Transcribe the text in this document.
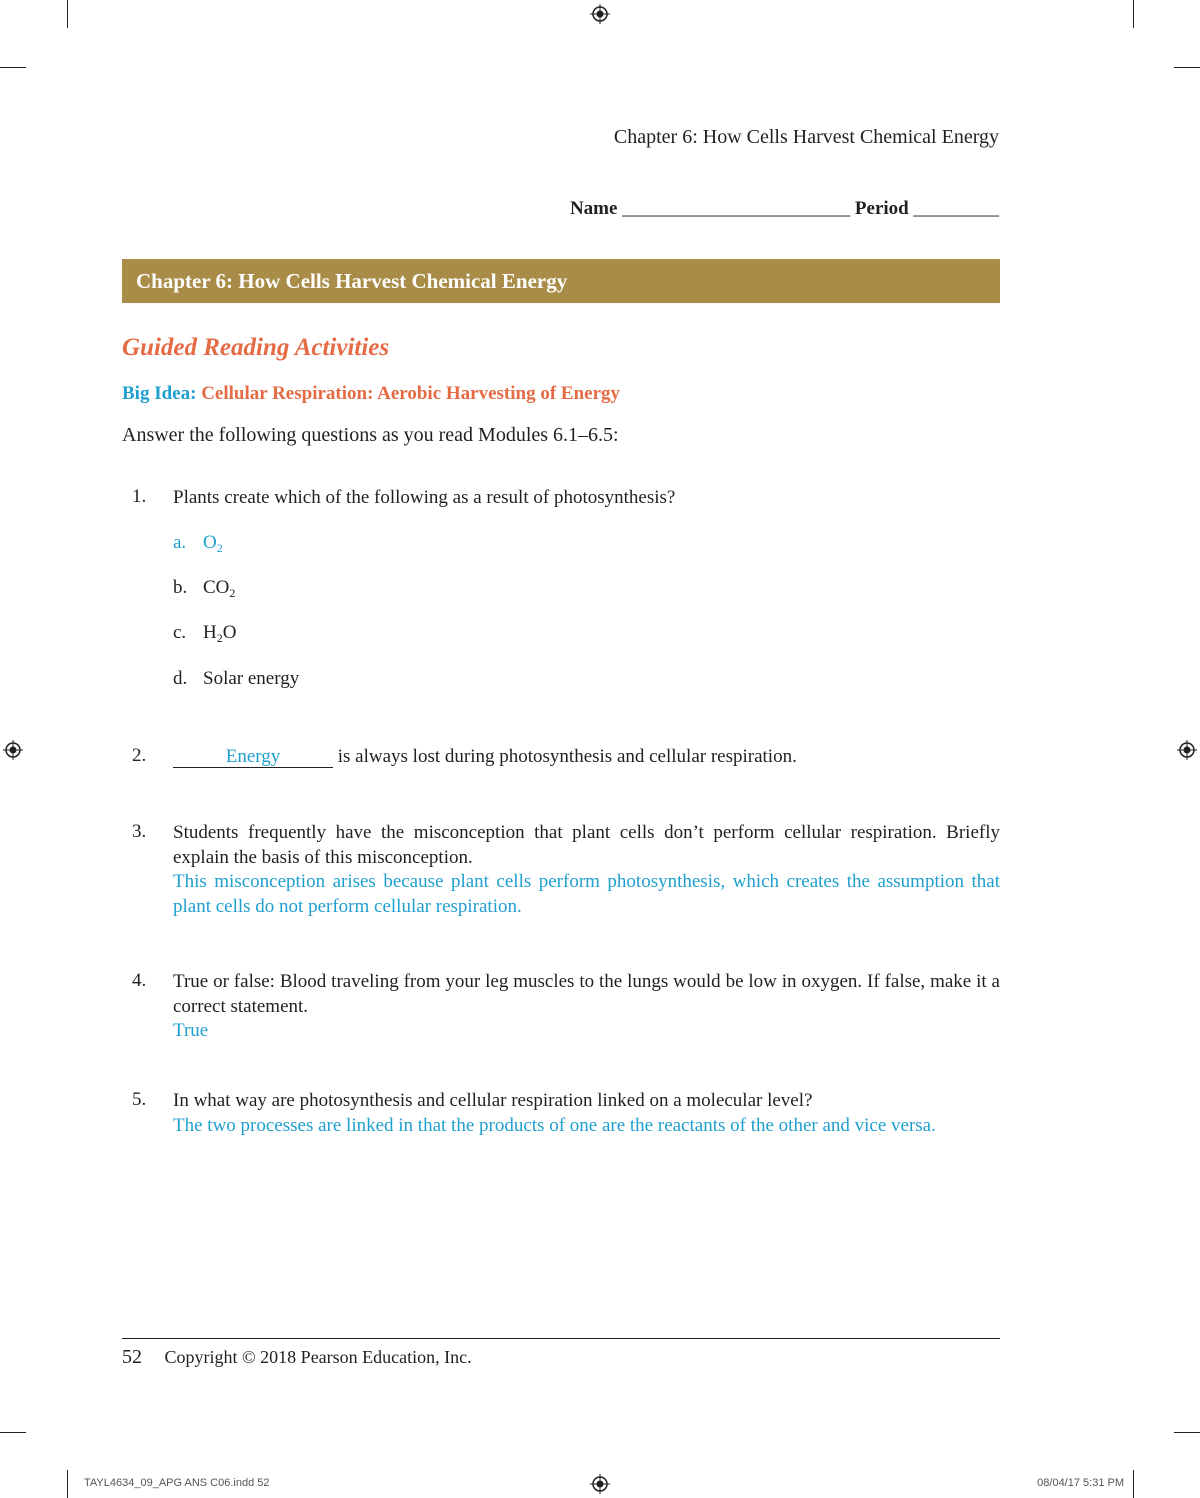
Chapter 6: How Cells Harvest Chemical Energy
Name ________________________ Period _________
Chapter 6: How Cells Harvest Chemical Energy
Guided Reading Activities
Big Idea: Cellular Respiration: Aerobic Harvesting of Energy
Answer the following questions as you read Modules 6.1–6.5:
1. Plants create which of the following as a result of photosynthesis?
a. $O_2$
b. $CO_2$
c. $H_2O$
d. Solar energy
2.	Energy	is always lost during photosynthesis and cellular respiration.
3. Students frequently have the misconception that plant cells don’t perform cellular respiration. Briefly explain the basis of this misconception.
This misconception arises because plant cells perform photosynthesis, which creates the assumption that plant cells do not perform cellular respiration.
4. True or false: Blood traveling from your leg muscles to the lungs would be low in oxygen. If false, make it a correct statement.
True
5. In what way are photosynthesis and cellular respiration linked on a molecular level?
The two processes are linked in that the products of one are the reactants of the other and vice versa.
52 Copyright © 2018 Pearson Education, Inc.
TAYL4634_09_APG ANS C06.indd 52	08/04/17 5:31 PM
